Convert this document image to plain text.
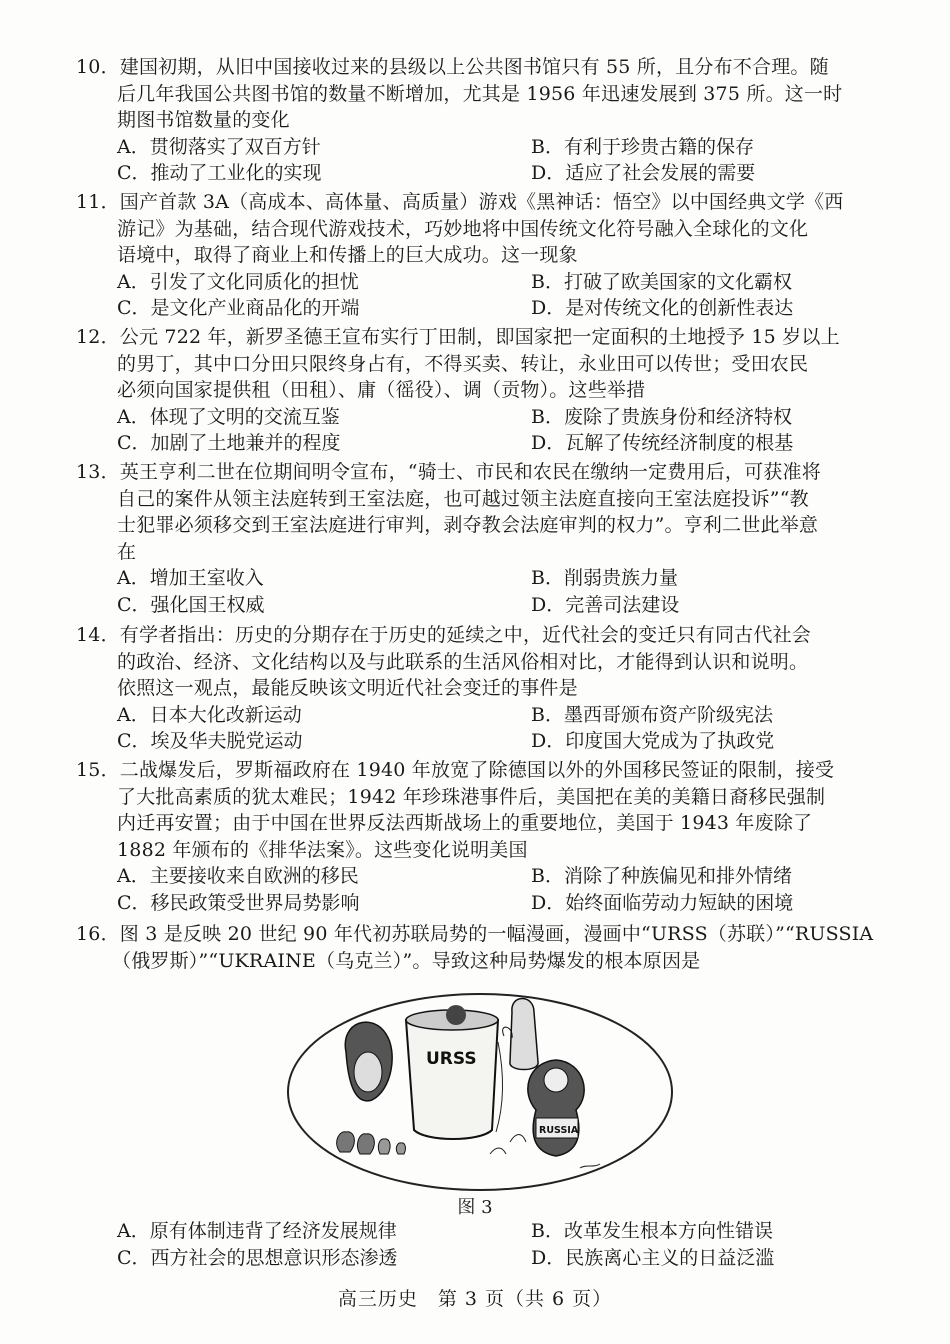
10．建国初期，从旧中国接收过来的县级以上公共图书馆只有 55 所，且分布不合理。随
后几年我国公共图书馆的数量不断增加，尤其是 1956 年迅速发展到 375 所。这一时
期图书馆数量的变化
A．贯彻落实了双百方针	B．有利于珍贵古籍的保存
C．推动了工业化的实现	D．适应了社会发展的需要
11．国产首款 3A（高成本、高体量、高质量）游戏《黑神话：悟空》以中国经典文学《西
游记》为基础，结合现代游戏技术，巧妙地将中国传统文化符号融入全球化的文化
语境中，取得了商业上和传播上的巨大成功。这一现象
A．引发了文化同质化的担忧	B．打破了欧美国家的文化霸权
C．是文化产业商品化的开端	D．是对传统文化的创新性表达
12．公元 722 年，新罗圣德王宣布实行丁田制，即国家把一定面积的土地授予 15 岁以上
的男丁，其中口分田只限终身占有，不得买卖、转让，永业田可以传世；受田农民
必须向国家提供租（田租）、庸（徭役）、调（贡物）。这些举措
A．体现了文明的交流互鉴	B．废除了贵族身份和经济特权
C．加剧了土地兼并的程度	D．瓦解了传统经济制度的根基
13．英王亨利二世在位期间明令宣布，“骑士、市民和农民在缴纳一定费用后，可获准将
自己的案件从领主法庭转到王室法庭，也可越过领主法庭直接向王室法庭投诉”“教
士犯罪必须移交到王室法庭进行审判，剥夺教会法庭审判的权力”。亨利二世此举意
在
A．增加王室收入	B．削弱贵族力量
C．强化国王权威	D．完善司法建设
14．有学者指出：历史的分期存在于历史的延续之中，近代社会的变迁只有同古代社会
的政治、经济、文化结构以及与此联系的生活风俗相对比，才能得到认识和说明。
依照这一观点，最能反映该文明近代社会变迁的事件是
A．日本大化改新运动	B．墨西哥颁布资产阶级宪法
C．埃及华夫脱党运动	D．印度国大党成为了执政党
15．二战爆发后，罗斯福政府在 1940 年放宽了除德国以外的外国移民签证的限制，接受
了大批高素质的犹太难民；1942 年珍珠港事件后，美国把在美的美籍日裔移民强制
内迁再安置；由于中国在世界反法西斯战场上的重要地位，美国于 1943 年废除了
1882 年颁布的《排华法案》。这些变化说明美国
A．主要接收来自欧洲的移民	B．消除了种族偏见和排外情绪
C．移民政策受世界局势影响	D．始终面临劳动力短缺的困境
16．图 3 是反映 20 世纪 90 年代初苏联局势的一幅漫画，漫画中“URSS（苏联）”“RUSSIA
（俄罗斯）”“UKRAINE（乌克兰）”。导致这种局势爆发的根本原因是
URSS
RUSSIA
图 3
A．原有体制违背了经济发展规律	B．改革发生根本方向性错误
C．西方社会的思想意识形态渗透	D．民族离心主义的日益泛滥
高三历史　第 3 页（共 6 页）
